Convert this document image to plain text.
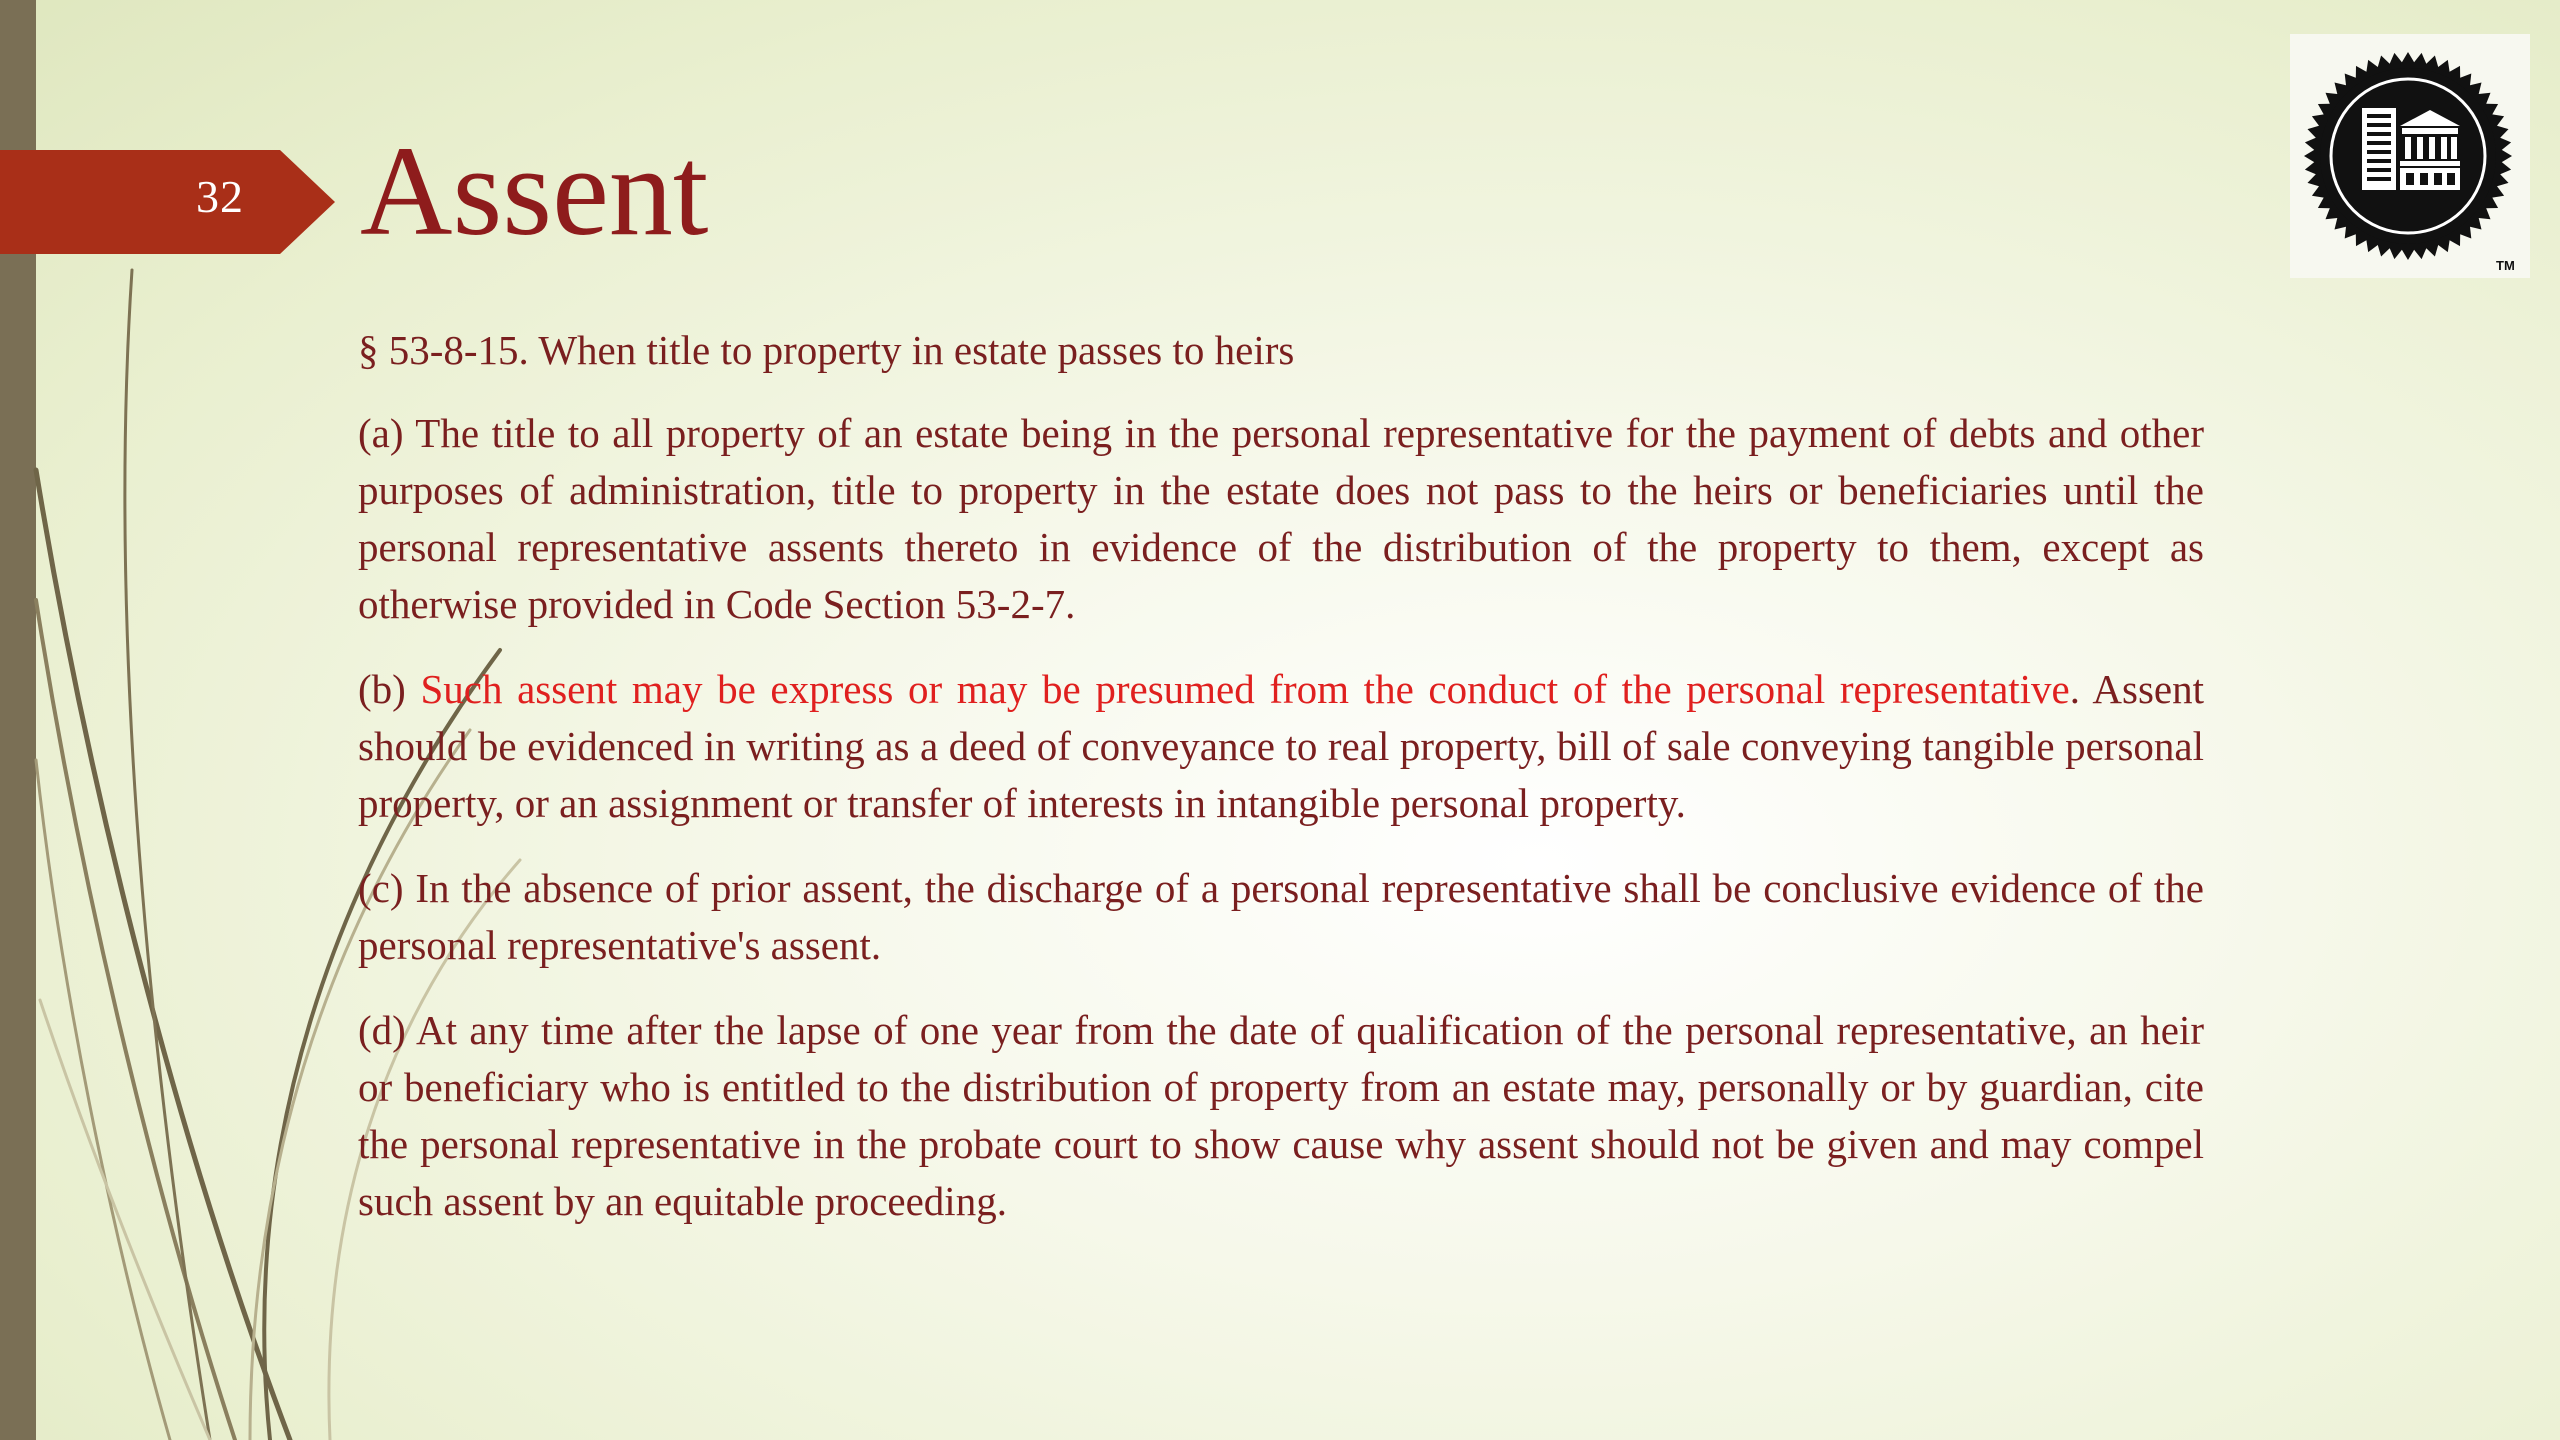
32 Assent
TM

§ 53-8-15. When title to property in estate passes to heirs

(a) The title to all property of an estate being in the personal representative for the payment of debts and other purposes of administration, title to property in the estate does not pass to the heirs or beneficiaries until the personal representative assents thereto in evidence of the distribution of the property to them, except as otherwise provided in Code Section 53-2-7.

(b) Such assent may be express or may be presumed from the conduct of the personal representative. Assent should be evidenced in writing as a deed of conveyance to real property, bill of sale conveying tangible personal property, or an assignment or transfer of interests in intangible personal property.

(c) In the absence of prior assent, the discharge of a personal representative shall be conclusive evidence of the personal representative's assent.

(d) At any time after the lapse of one year from the date of qualification of the personal representative, an heir or beneficiary who is entitled to the distribution of property from an estate may, personally or by guardian, cite the personal representative in the probate court to show cause why assent should not be given and may compel such assent by an equitable proceeding.
